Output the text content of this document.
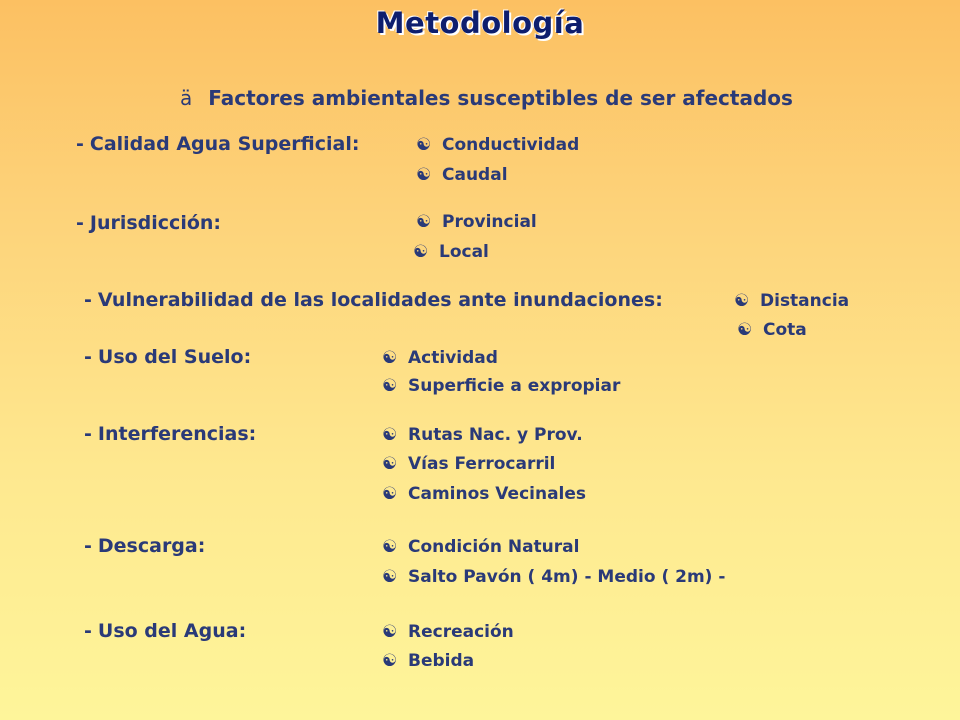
Metodología
ä Factores ambientales susceptibles de ser afectados
- Calidad Agua Superficial:	☯ Conductividad
☯ Caudal
- Jurisdicción:	☯ Provincial
☯ Local
- Vulnerabilidad de las localidades ante inundaciones:	☯ Distancia
☯ Cota
- Uso del Suelo:	☯ Actividad
☯ Superficie a expropiar
- Interferencias:	☯ Rutas Nac. y Prov.
☯ Vías Ferrocarril
☯ Caminos Vecinales
- Descarga:	☯ Condición Natural
☯ Salto Pavón ( 4m) - Medio ( 2m) -
- Uso del Agua:	☯ Recreación
☯ Bebida
